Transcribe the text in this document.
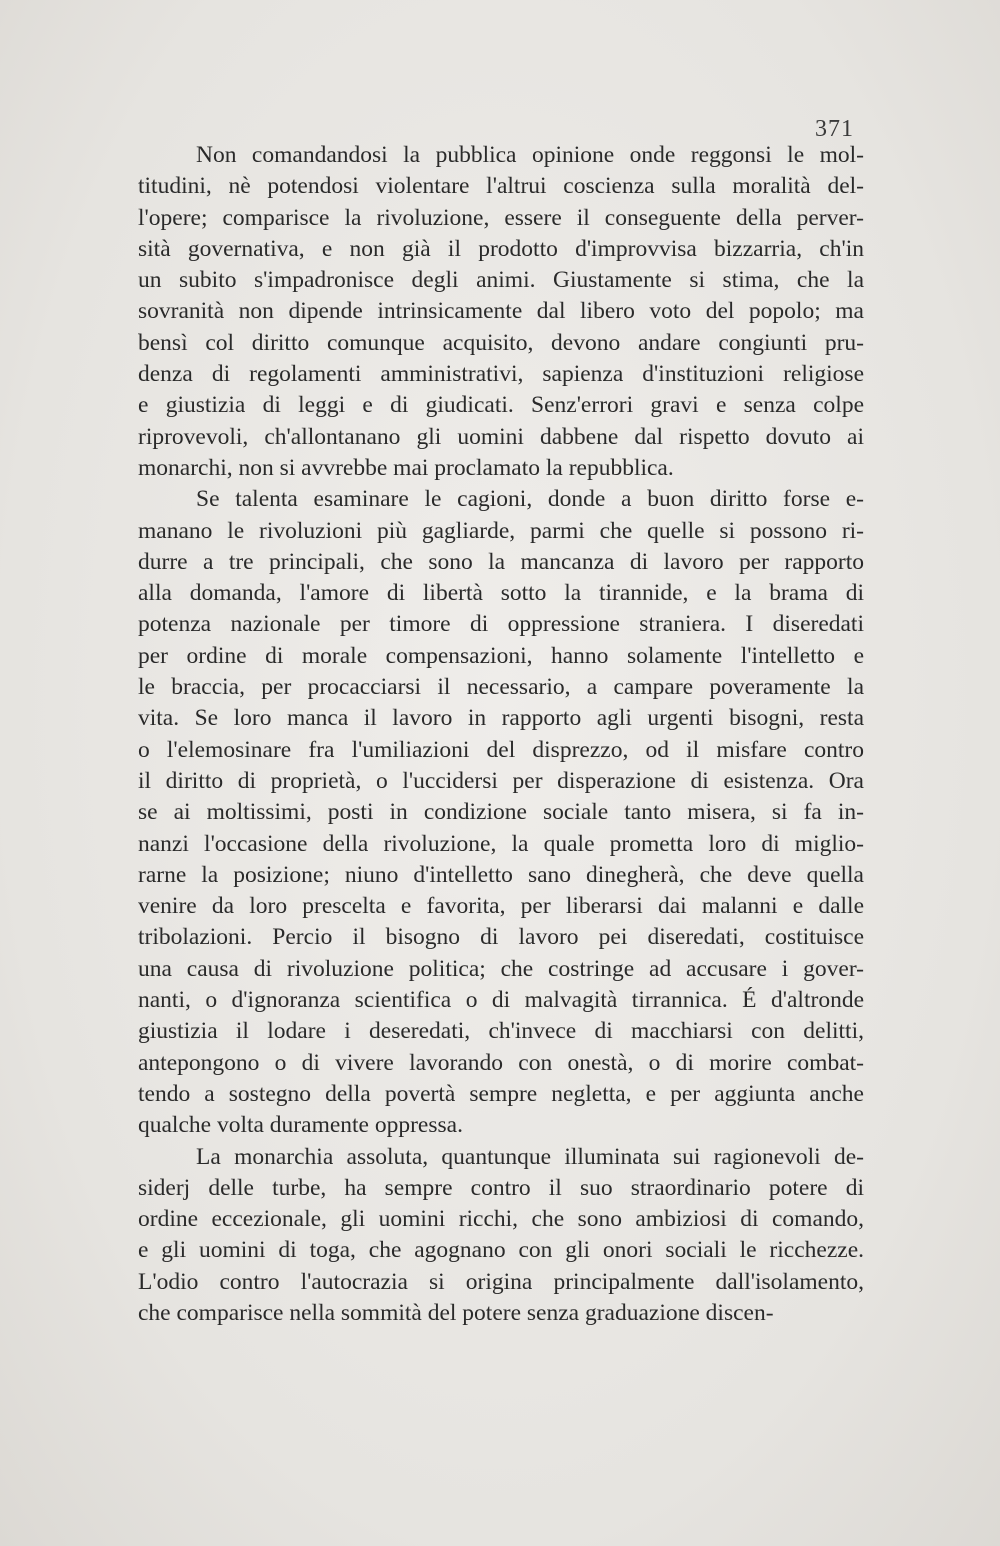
371
Non comandandosi la pubblica opinione onde reggonsi le mol-
titudini, nè potendosi violentare l'altrui coscienza sulla moralità del-
l'opere; comparisce la rivoluzione, essere il conseguente della perver-
sità governativa, e non già il prodotto d'improvvisa bizzarria, ch'in
un subito s'impadronisce degli animi. Giustamente si stima, che la
sovranità non dipende intrinsicamente dal libero voto del popolo; ma
bensì col diritto comunque acquisito, devono andare congiunti pru-
denza di regolamenti amministrativi, sapienza d'instituzioni religiose
e giustizia di leggi e di giudicati. Senz'errori gravi e senza colpe
riprovevoli, ch'allontanano gli uomini dabbene dal rispetto dovuto ai
monarchi, non si avvrebbe mai proclamato la repubblica.
Se talenta esaminare le cagioni, donde a buon diritto forse e-
manano le rivoluzioni più gagliarde, parmi che quelle si possono ri-
durre a tre principali, che sono la mancanza di lavoro per rapporto
alla domanda, l'amore di libertà sotto la tirannide, e la brama di
potenza nazionale per timore di oppressione straniera. I diseredati
per ordine di morale compensazioni, hanno solamente l'intelletto e
le braccia, per procacciarsi il necessario, a campare poveramente la
vita. Se loro manca il lavoro in rapporto agli urgenti bisogni, resta
o l'elemosinare fra l'umiliazioni del disprezzo, od il misfare contro
il diritto di proprietà, o l'uccidersi per disperazione di esistenza. Ora
se ai moltissimi, posti in condizione sociale tanto misera, si fa in-
nanzi l'occasione della rivoluzione, la quale prometta loro di miglio-
rarne la posizione; niuno d'intelletto sano dinegherà, che deve quella
venire da loro prescelta e favorita, per liberarsi dai malanni e dalle
tribolazioni. Percio il bisogno di lavoro pei diseredati, costituisce
una causa di rivoluzione politica; che costringe ad accusare i gover-
nanti, o d'ignoranza scientifica o di malvagità tirrannica. É d'altronde
giustizia il lodare i deseredati, ch'invece di macchiarsi con delitti,
antepongono o di vivere lavorando con onestà, o di morire combat-
tendo a sostegno della povertà sempre negletta, e per aggiunta anche
qualche volta duramente oppressa.
La monarchia assoluta, quantunque illuminata sui ragionevoli de-
siderj delle turbe, ha sempre contro il suo straordinario potere di
ordine eccezionale, gli uomini ricchi, che sono ambiziosi di comando,
e gli uomini di toga, che agognano con gli onori sociali le ricchezze.
L'odio contro l'autocrazia si origina principalmente dall'isolamento,
che comparisce nella sommità del potere senza graduazione discen-
